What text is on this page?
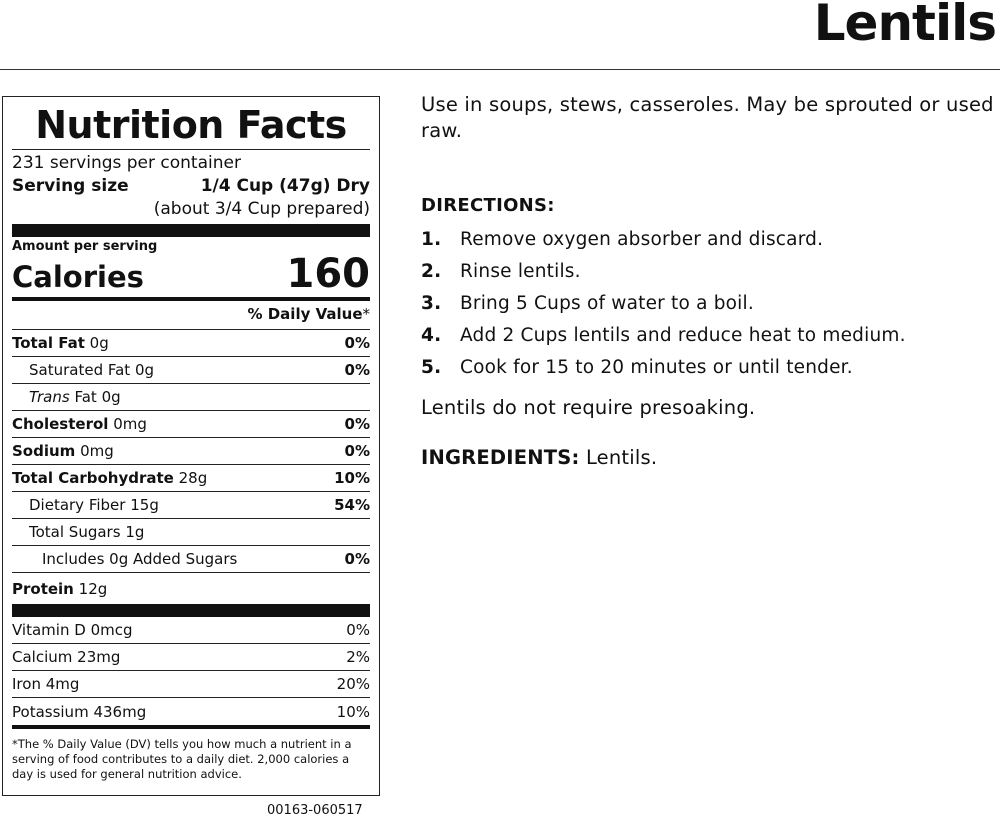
Lentils
Nutrition Facts
231 servings per container
Serving size	1/4 Cup (47g) Dry
(about 3/4 Cup prepared)
Amount per serving
Calories	160
% Daily Value*
Total Fat 0g	0%
Saturated Fat 0g	0%
Trans Fat 0g
Cholesterol 0mg	0%
Sodium 0mg	0%
Total Carbohydrate 28g	10%
Dietary Fiber 15g	54%
Total Sugars 1g
Includes 0g Added Sugars	0%
Protein 12g
Vitamin D 0mcg	0%
Calcium 23mg	2%
Iron 4mg	20%
Potassium 436mg	10%
*The % Daily Value (DV) tells you how much a nutrient in a serving of food contributes to a daily diet. 2,000 calories a day is used for general nutrition advice.
00163-060517

Use in soups, stews, casseroles. May be sprouted or used raw.

DIRECTIONS:
1.	Remove oxygen absorber and discard.
2.	Rinse lentils.
3.	Bring 5 Cups of water to a boil.
4.	Add 2 Cups lentils and reduce heat to medium.
5.	Cook for 15 to 20 minutes or until tender.

Lentils do not require presoaking.

INGREDIENTS: Lentils.
